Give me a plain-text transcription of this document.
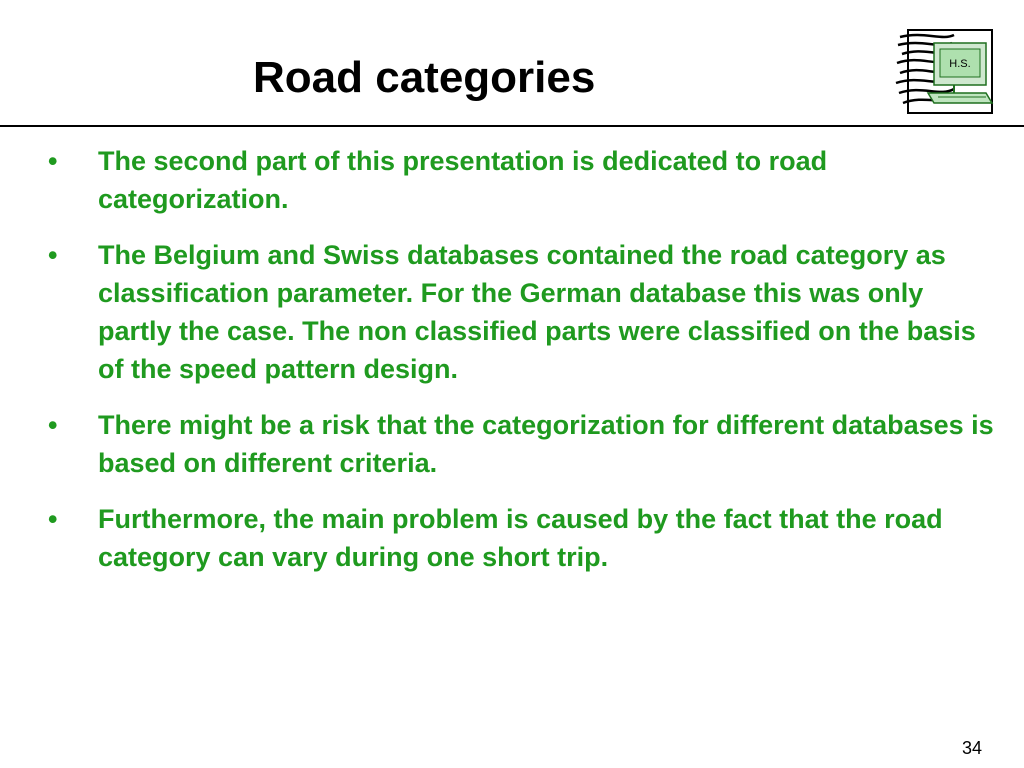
Road categories	H.S.
• The second part of this presentation is dedicated to road categorization.
• The Belgium and Swiss databases contained the road category as classification parameter. For the German database this was only partly the case. The non classified parts were classified on the basis of the speed pattern design.
• There might be a risk that the categorization for different databases is based on different criteria.
• Furthermore, the main problem is caused by the fact that the road category can vary during one short trip.
34
